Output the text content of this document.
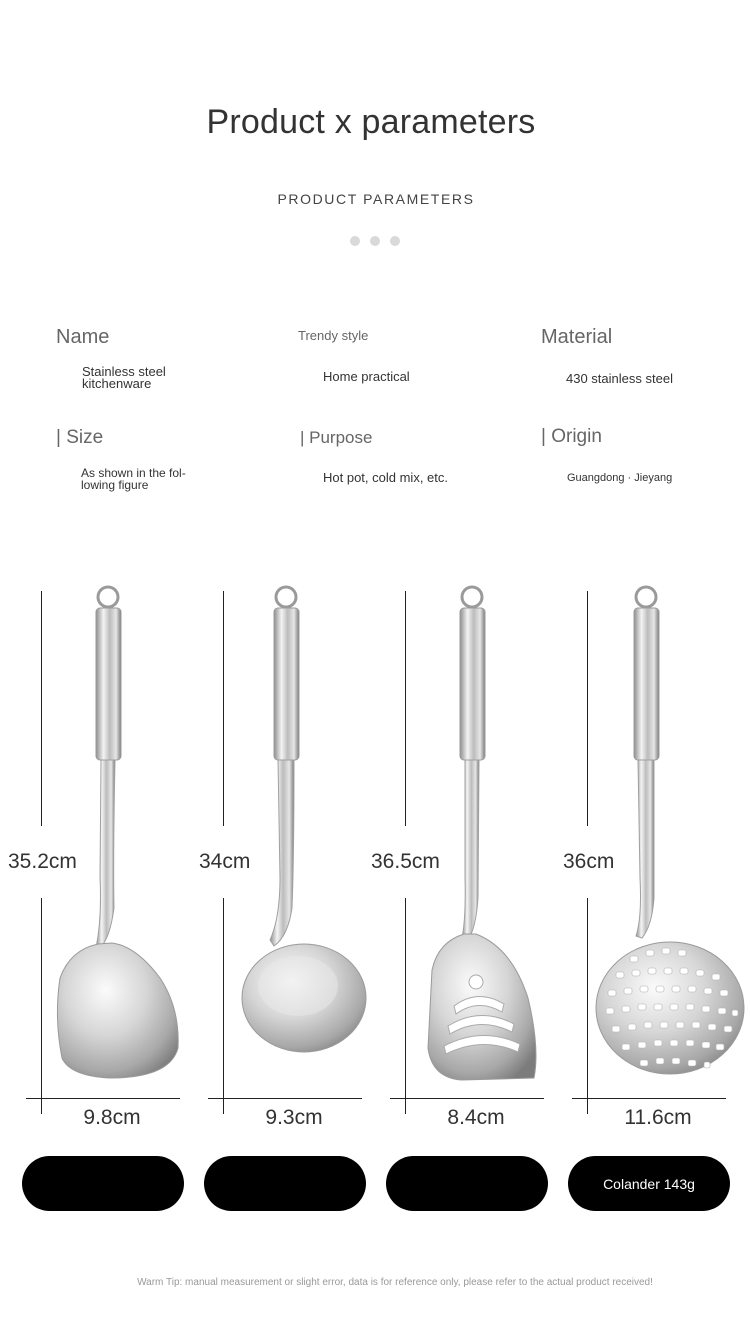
Product x parameters
PRODUCT PARAMETERS
Name
Stainless steel kitchenware
Trendy style
Home practical
Material
430 stainless steel
| Size
As shown in the fol-lowing figure
| Purpose
Hot pot, cold mix, etc.
| Origin
Guangdong · Jieyang
35.2cm
9.8cm
34cm
9.3cm
36.5cm
8.4cm
36cm
11.6cm
Colander 143g
Warm Tip: manual measurement or slight error, data is for reference only, please refer to the actual product received!
